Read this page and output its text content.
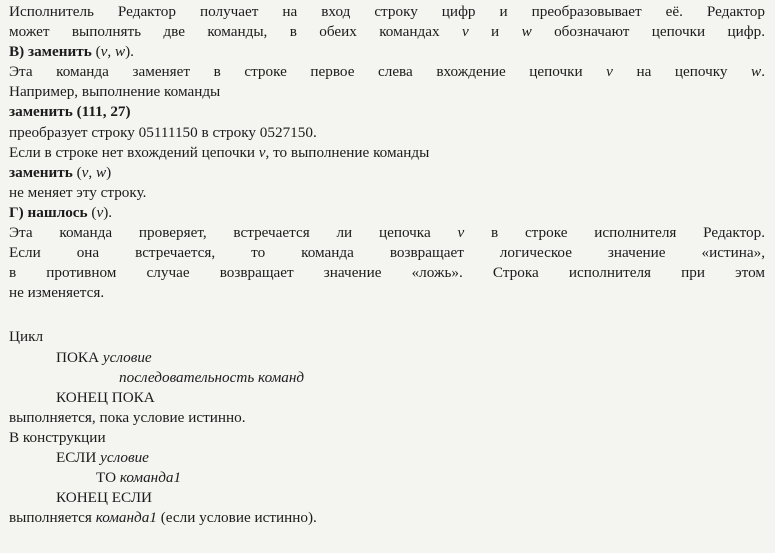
Исполнитель Редактор получает на вход строку цифр и преобразовывает её. Редактор

может выполнять две команды, в обеих командах v и w обозначают цепочки цифр.

В) заменить (v, w).

Эта команда заменяет в строке первое слева вхождение цепочки v на цепочку w.

Например, выполнение команды

заменить (111, 27)

преобразует строку 05111150 в строку 0527150.

Если в строке нет вхождений цепочки v, то выполнение команды

заменить (v, w)

не меняет эту строку.

Г) нашлось (v).

Эта команда проверяет, встречается ли цепочка v в строке исполнителя Редактор.

Если она встречается, то команда возвращает логическое значение «истина»,

в противном случае возвращает значение «ложь». Строка исполнителя при этом

не изменяется.

Цикл

ПОКА условие

последовательность команд

КОНЕЦ ПОКА

выполняется, пока условие истинно.

В конструкции

ЕСЛИ условие

ТО команда1

КОНЕЦ ЕСЛИ

выполняется команда1 (если условие истинно).
